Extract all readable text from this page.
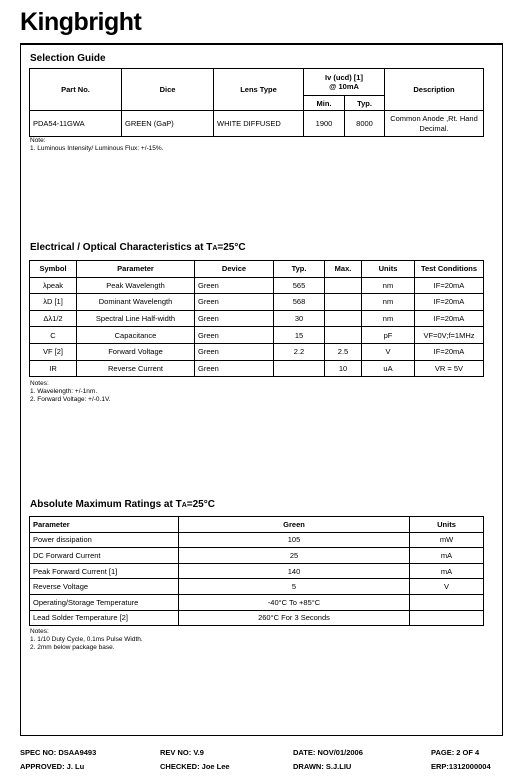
Kingbright
Selection Guide
Part No.	Dice	Lens Type	Iv (ucd) [1]
@ 10mA		Description
			Min.	Typ.	
PDA54-11GWA	GREEN (GaP)	WHITE DIFFUSED	1900	8000	Common Anode ,Rt. Hand Decimal.
Note:
1. Luminous Intensity/ Luminous Flux: +/-15%.
Electrical / Optical Characteristics at TA=25°C
Symbol	Parameter	Device	Typ.	Max.	Units	Test Conditions
λpeak	Peak Wavelength	Green	565		nm	IF=20mA
λD [1]	Dominant Wavelength	Green	568		nm	IF=20mA
Δλ1/2	Spectral Line Half-width	Green	30		nm	IF=20mA
C	Capacitance	Green	15		pF	VF=0V;f=1MHz
VF [2]	Forward Voltage	Green	2.2	2.5	V	IF=20mA
IR	Reverse Current	Green		10	uA	VR = 5V
Notes:
1. Wavelength: +/-1nm.
2. Forward Voltage: +/-0.1V.
Absolute Maximum Ratings at TA=25°C
Parameter	Green	Units
Power dissipation	105	mW
DC Forward Current	25	mA
Peak Forward Current [1]	140	mA
Reverse Voltage	5	V
Operating/Storage Temperature	-40°C To +85°C	
Lead Solder Temperature [2]	260°C For 3 Seconds	
Notes:
1. 1/10 Duty Cycle, 0.1ms Pulse Width.
2. 2mm below package base.
SPEC NO: DSAA9493	REV NO: V.9	DATE: NOV/01/2006	PAGE: 2 OF 4
APPROVED: J. Lu	CHECKED: Joe Lee	DRAWN: S.J.LIU	ERP:1312000004
